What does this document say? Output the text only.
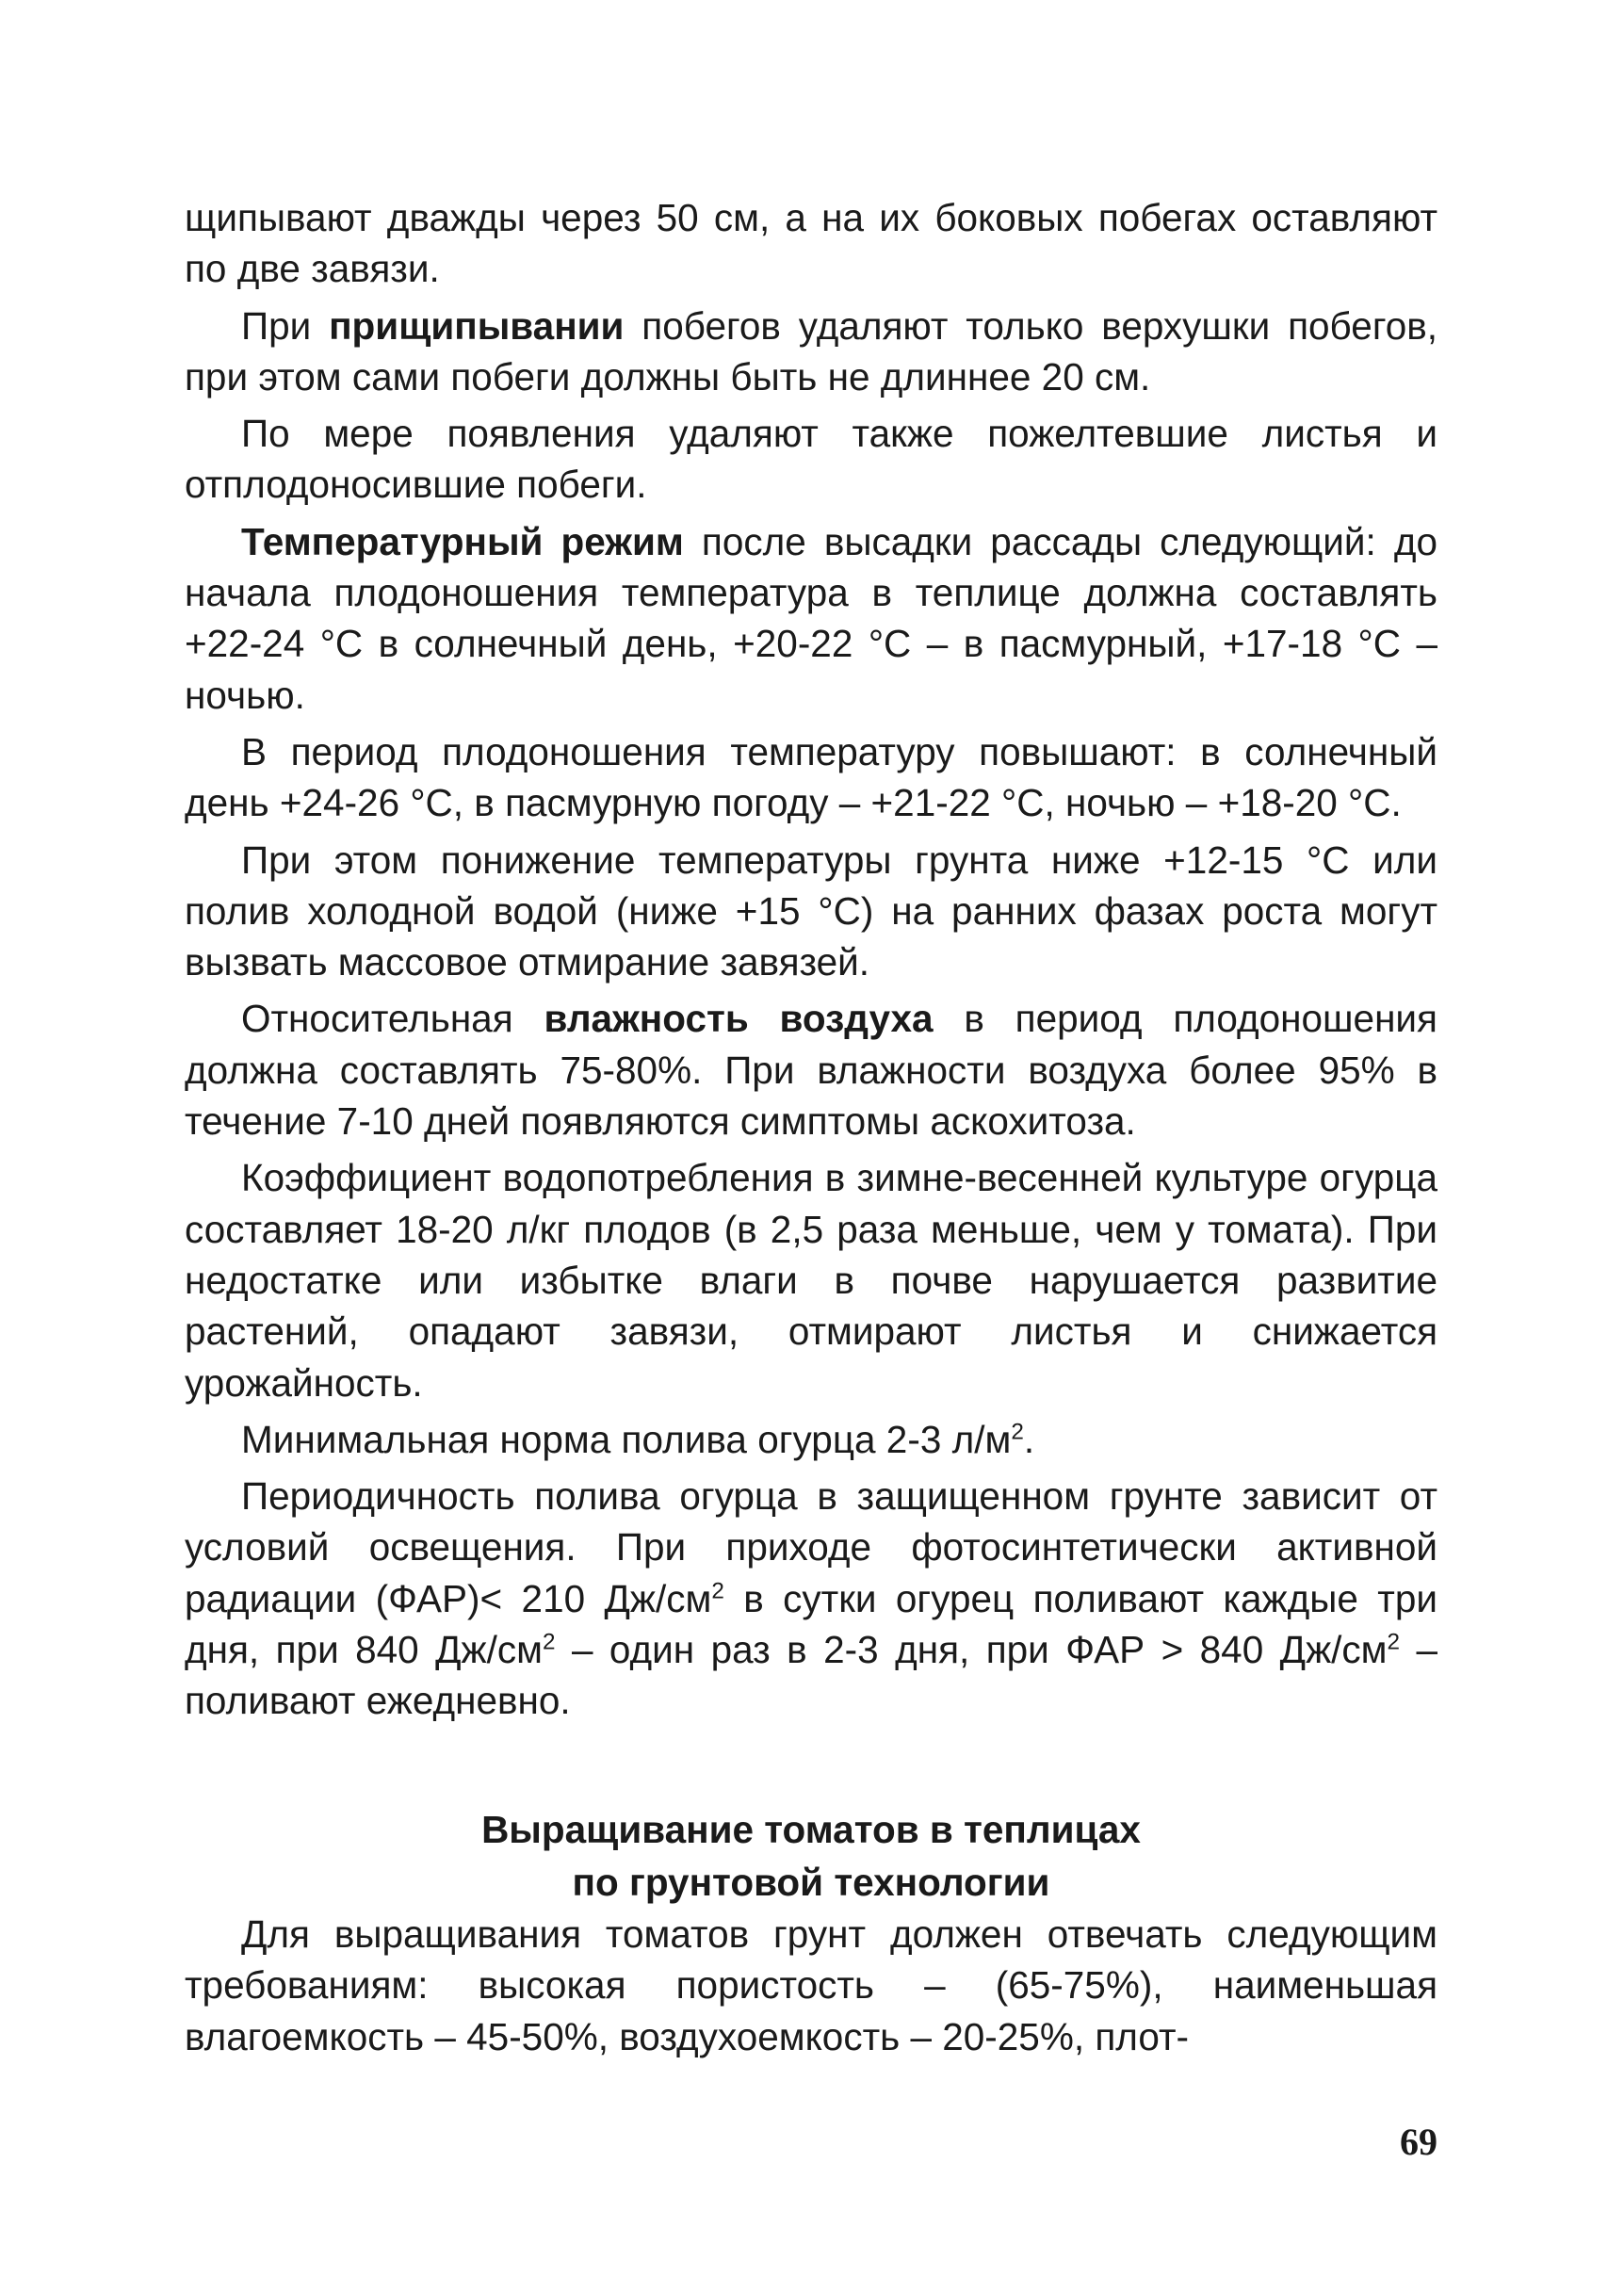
щипывают дважды через 50 см, а на их боковых побегах оставляют по две завязи.

При прищипывании побегов удаляют только верхушки побегов, при этом сами побеги должны быть не длиннее 20 см.

По мере появления удаляют также пожелтевшие листья и отплодоносившие побеги.

Температурный режим после высадки рассады следующий: до начала плодоношения температура в теплице должна составлять +22-24 °С в солнечный день, +20-22 °С – в пасмурный, +17-18 °С – ночью.

В период плодоношения температуру повышают: в солнечный день +24-26 °С, в пасмурную погоду – +21-22 °С, ночью – +18-20 °С.

При этом понижение температуры грунта ниже +12-15 °С или полив холодной водой (ниже +15 °С) на ранних фазах роста могут вызвать массовое отмирание завязей.

Относительная влажность воздуха в период плодоношения должна составлять 75-80%. При влажности воздуха более 95% в течение 7-10 дней появляются симптомы аскохитоза.

Коэффициент водопотребления в зимне-весенней культуре огурца составляет 18-20 л/кг плодов (в 2,5 раза меньше, чем у томата). При недостатке или избытке влаги в почве нарушается развитие растений, опадают завязи, отмирают листья и снижается урожайность.

Минимальная норма полива огурца 2-3 $л/м^2$.

Периодичность полива огурца в защищенном грунте зависит от условий освещения. При приходе фотосинтетически активной радиации (ФАР)< 210 $Дж/см^2$ в сутки огурец поливают каждые три дня, при 840 $Дж/см^2$ – один раз в 2-3 дня, при ФАР > 840 $Дж/см^2$ – поливают ежедневно.

Выращивание томатов в теплицах
по грунтовой технологии

Для выращивания томатов грунт должен отвечать следующим требованиям: высокая пористость – (65-75%), наименьшая влагоемкость – 45-50%, воздухоемкость – 20-25%, плот-

69
